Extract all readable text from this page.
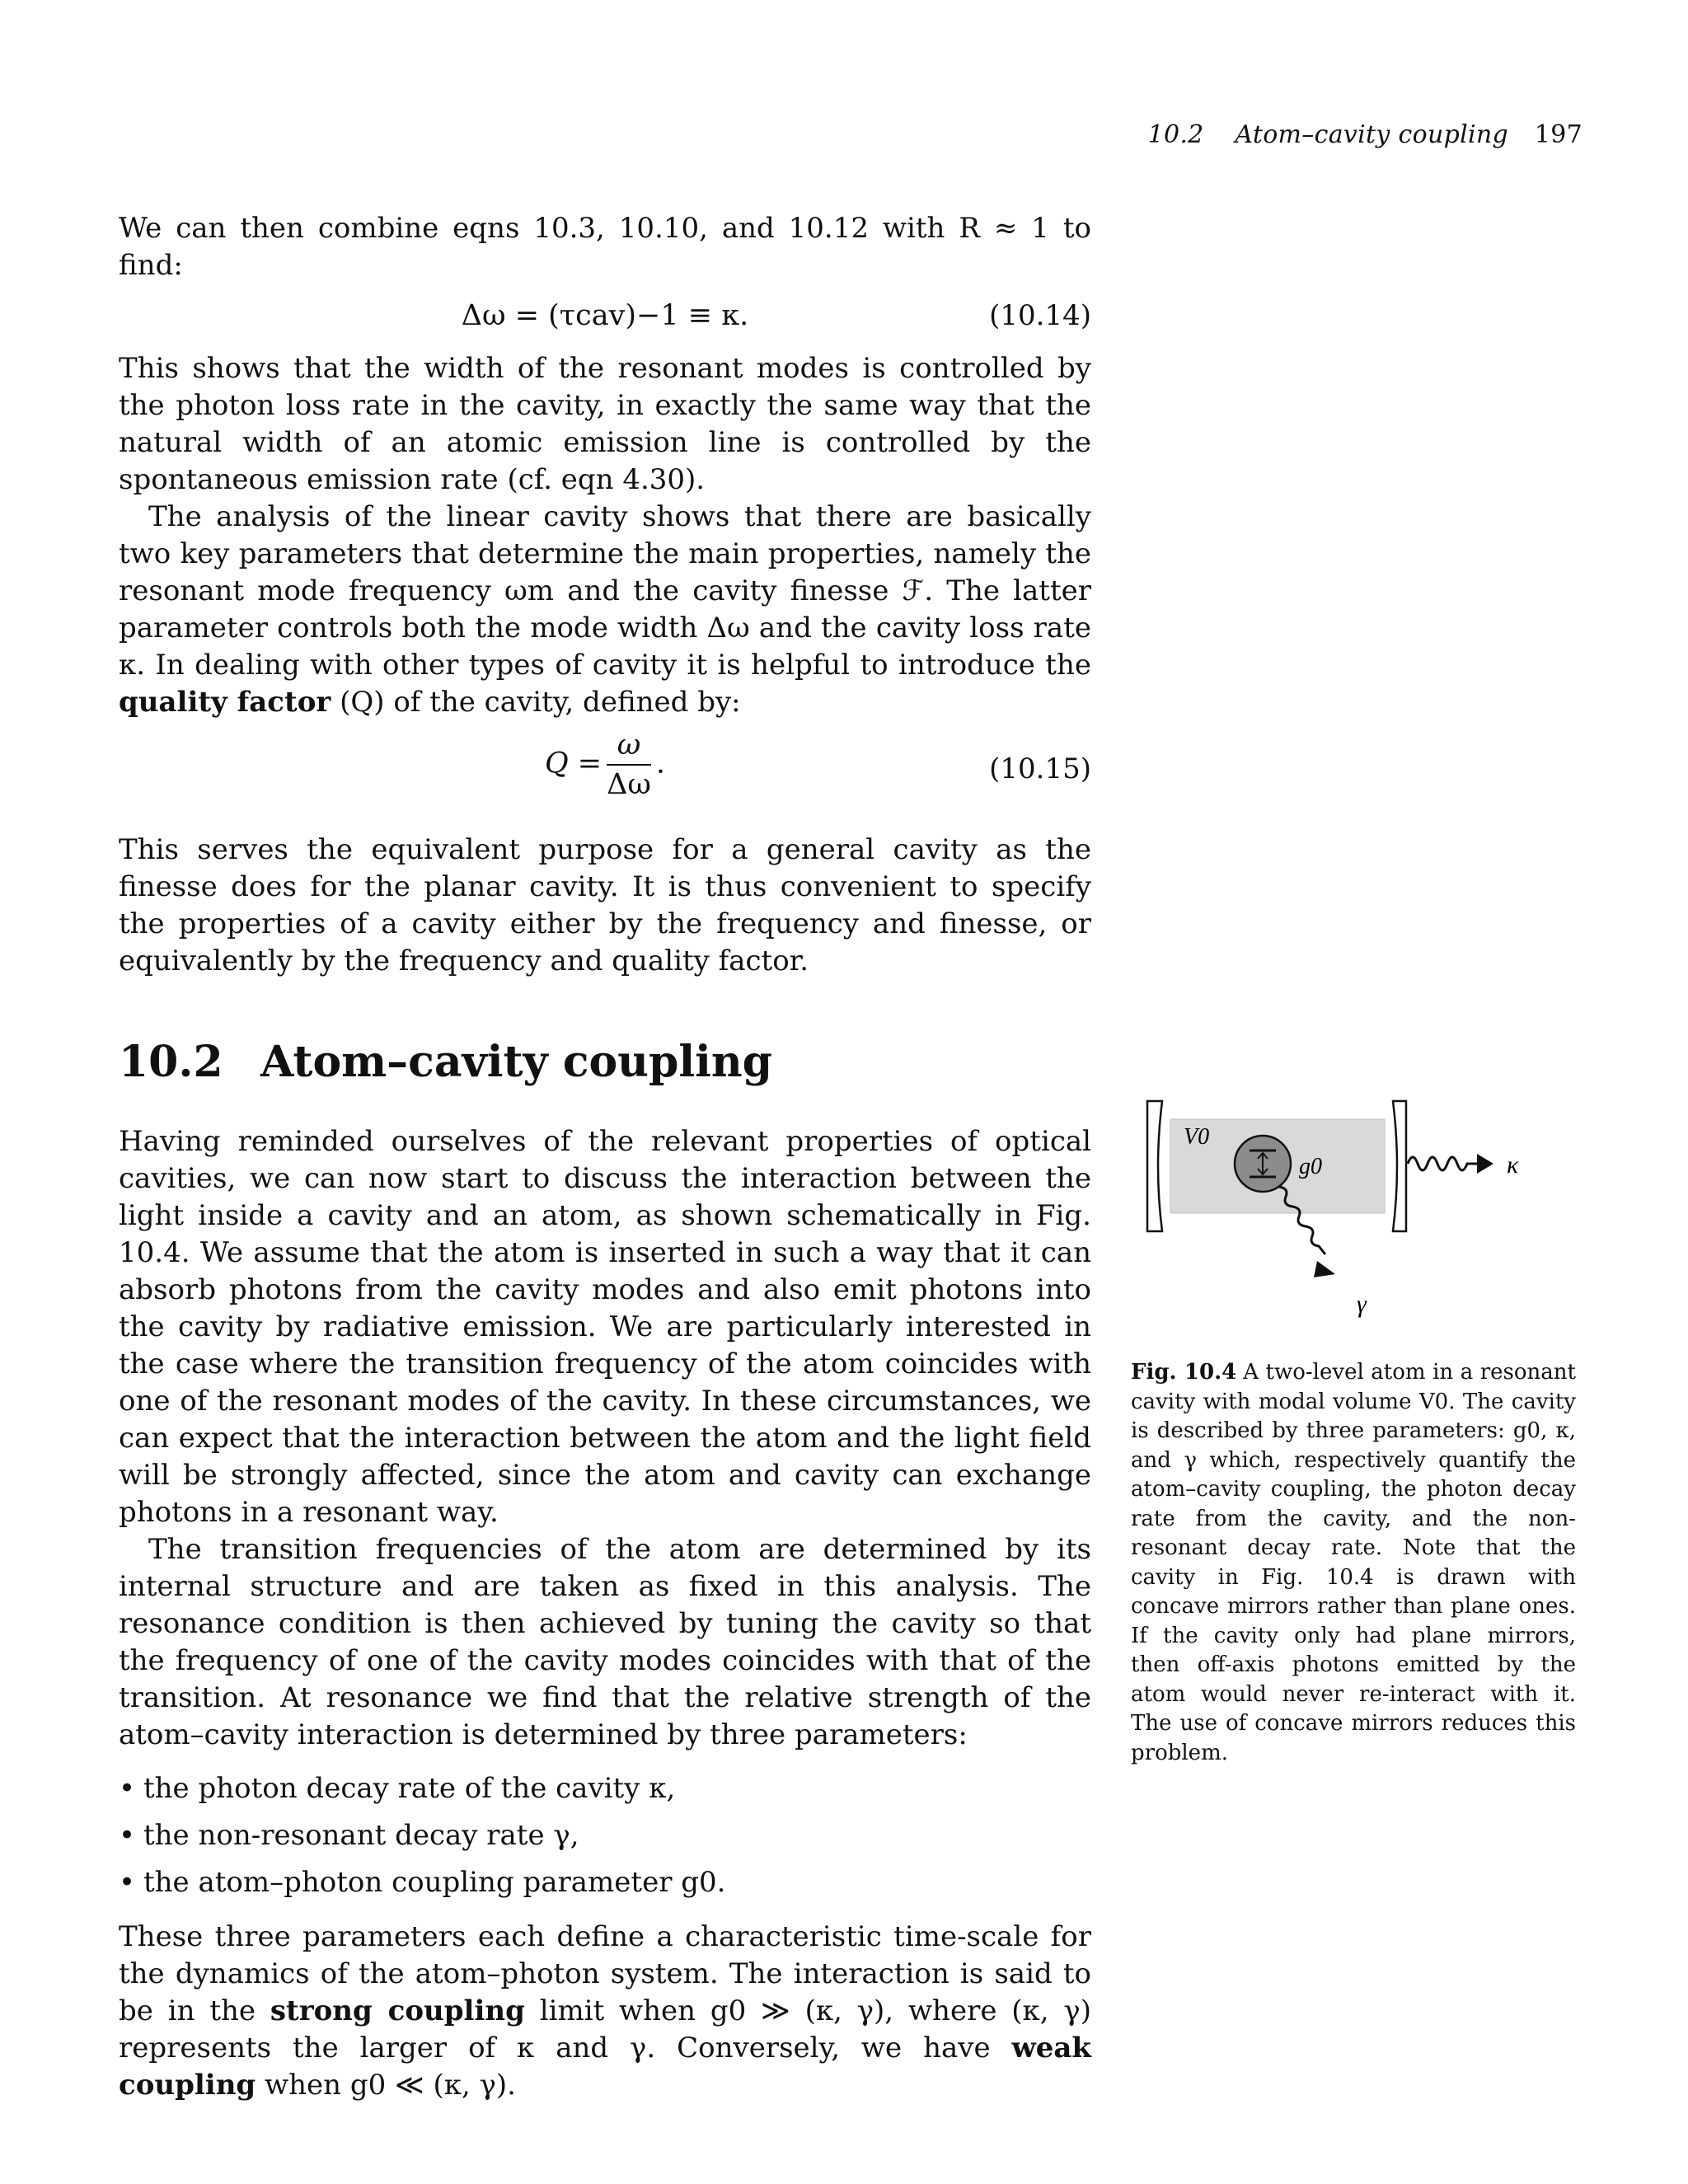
10.2 Atom–cavity coupling 197

We can then combine eqns 10.3, 10.10, and 10.12 with R ≈ 1 to find:

Δω = (τcav)−1 ≡ κ.	(10.14)

This shows that the width of the resonant modes is controlled by the photon loss rate in the cavity, in exactly the same way that the natural width of an atomic emission line is controlled by the spontaneous emission rate (cf. eqn 4.30).

The analysis of the linear cavity shows that there are basically two key parameters that determine the main properties, namely the resonant mode frequency ωm and the cavity finesse ℱ. The latter parameter controls both the mode width Δω and the cavity loss rate κ. In dealing with other types of cavity it is helpful to introduce the quality factor (Q) of the cavity, defined by:

$Q = \frac{\omega}{\Delta\omega}$ .	(10.15)

This serves the equivalent purpose for a general cavity as the finesse does for the planar cavity. It is thus convenient to specify the properties of a cavity either by the frequency and finesse, or equivalently by the frequency and quality factor.

10.2 Atom–cavity coupling

Having reminded ourselves of the relevant properties of optical cavities, we can now start to discuss the interaction between the light inside a cavity and an atom, as shown schematically in Fig. 10.4. We assume that the atom is inserted in such a way that it can absorb photons from the cavity modes and also emit photons into the cavity by radiative emission. We are particularly interested in the case where the transition frequency of the atom coincides with one of the resonant modes of the cavity. In these circumstances, we can expect that the interaction between the atom and the light field will be strongly affected, since the atom and cavity can exchange photons in a resonant way.

The transition frequencies of the atom are determined by its internal structure and are taken as fixed in this analysis. The resonance condition is then achieved by tuning the cavity so that the frequency of one of the cavity modes coincides with that of the transition. At resonance we find that the relative strength of the atom–cavity interaction is determined by three parameters:

• the photon decay rate of the cavity κ,
• the non-resonant decay rate γ,
• the atom–photon coupling parameter g0.

These three parameters each define a characteristic time-scale for the dynamics of the atom–photon system. The interaction is said to be in the strong coupling limit when g0 ≫ (κ, γ), where (κ, γ) represents the larger of κ and γ. Conversely, we have weak coupling when g0 ≪ (κ, γ).

V0
g0	κ
γ
Fig. 10.4 A two-level atom in a resonant cavity with modal volume V0. The cavity is described by three parameters: g0, κ, and γ which, respectively quantify the atom–cavity coupling, the photon decay rate from the cavity, and the non-resonant decay rate. Note that the cavity in Fig. 10.4 is drawn with concave mirrors rather than plane ones. If the cavity only had plane mirrors, then off-axis photons emitted by the atom would never re-interact with it. The use of concave mirrors reduces this problem.
